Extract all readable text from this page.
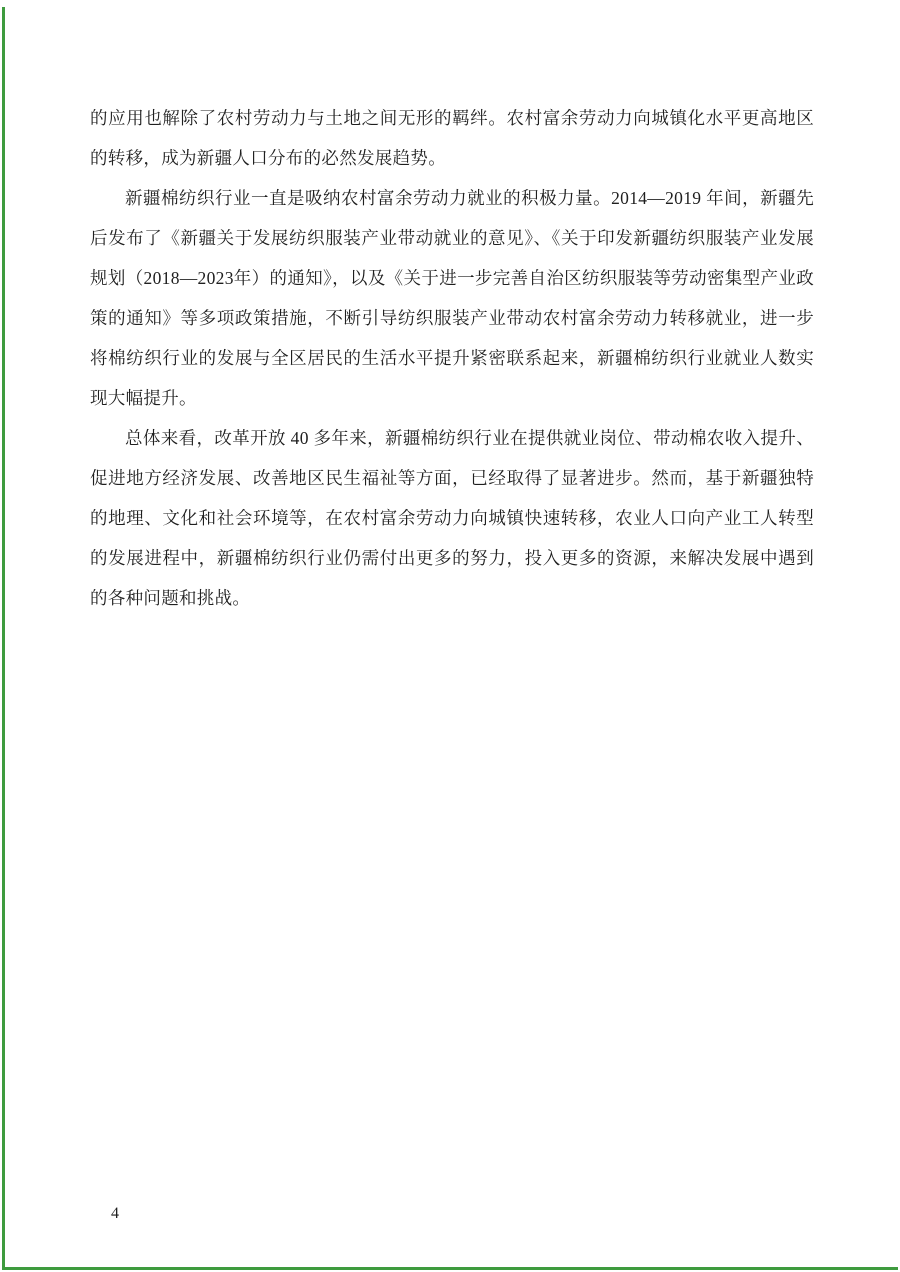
的应用也解除了农村劳动力与土地之间无形的羁绊。农村富余劳动力向城镇化水平更高地区的转移，成为新疆人口分布的必然发展趋势。

新疆棉纺织行业一直是吸纳农村富余劳动力就业的积极力量。2014—2019 年间，新疆先后发布了《新疆关于发展纺织服装产业带动就业的意见》、《关于印发新疆纺织服装产业发展规划（2018—2023年）的通知》，以及《关于进一步完善自治区纺织服装等劳动密集型产业政策的通知》等多项政策措施，不断引导纺织服装产业带动农村富余劳动力转移就业，进一步将棉纺织行业的发展与全区居民的生活水平提升紧密联系起来，新疆棉纺织行业就业人数实现大幅提升。

总体来看，改革开放 40 多年来，新疆棉纺织行业在提供就业岗位、带动棉农收入提升、促进地方经济发展、改善地区民生福祉等方面，已经取得了显著进步。然而，基于新疆独特的地理、文化和社会环境等，在农村富余劳动力向城镇快速转移，农业人口向产业工人转型的发展进程中，新疆棉纺织行业仍需付出更多的努力，投入更多的资源，来解决发展中遇到的各种问题和挑战。

4
